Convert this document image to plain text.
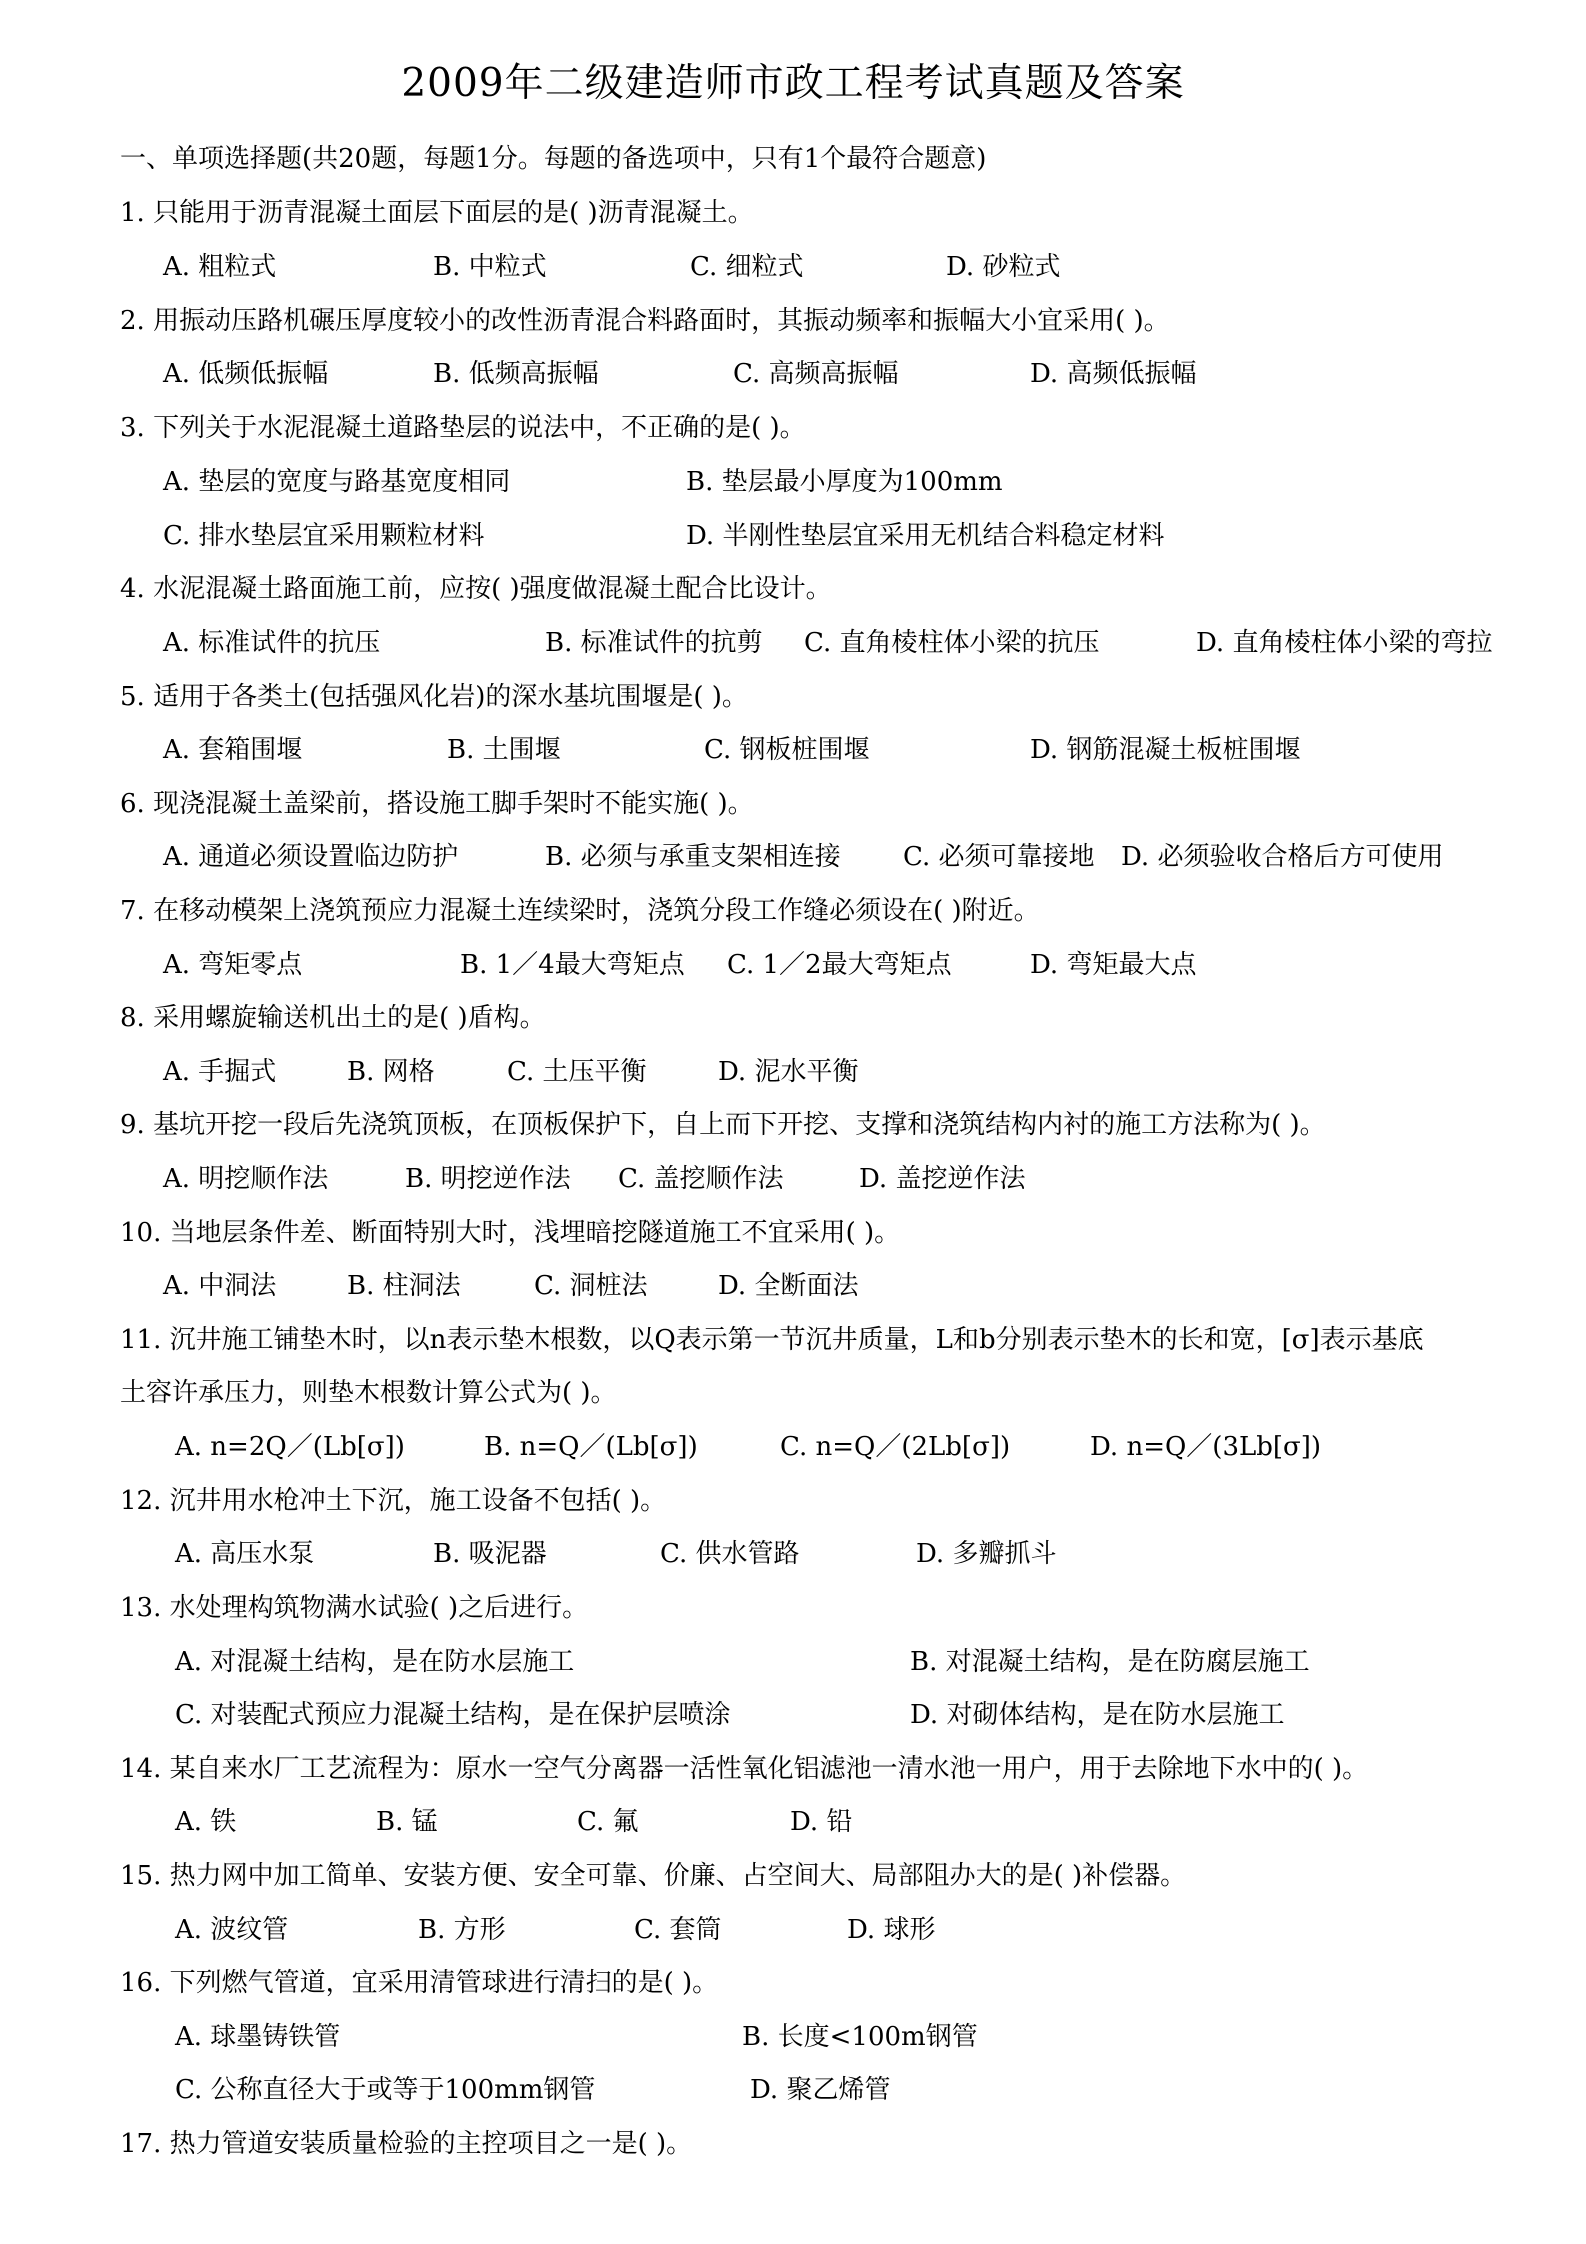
2009年二级建造师市政工程考试真题及答案
一、单项选择题(共20题，每题1分。每题的备选项中，只有1个最符合题意)
1. 只能用于沥青混凝土面层下面层的是( )沥青混凝土。
A. 粗粒式	B. 中粒式	C. 细粒式	D. 砂粒式
2. 用振动压路机碾压厚度较小的改性沥青混合料路面时，其振动频率和振幅大小宜采用( )。
A. 低频低振幅	B. 低频高振幅	C. 高频高振幅	D. 高频低振幅
3. 下列关于水泥混凝土道路垫层的说法中，不正确的是( )。
A. 垫层的宽度与路基宽度相同	B. 垫层最小厚度为100mm
C. 排水垫层宜采用颗粒材料	D. 半刚性垫层宜采用无机结合料稳定材料
4. 水泥混凝土路面施工前，应按( )强度做混凝土配合比设计。
A. 标准试件的抗压	B. 标准试件的抗剪 C. 直角棱柱体小梁的抗压	D. 直角棱柱体小梁的弯拉
5. 适用于各类土(包括强风化岩)的深水基坑围堰是( )。
A. 套箱围堰	B. 土围堰	C. 钢板桩围堰	D. 钢筋混凝土板桩围堰
6. 现浇混凝土盖梁前，搭设施工脚手架时不能实施( )。
A. 通道必须设置临边防护	B. 必须与承重支架相连接 C. 必须可靠接地 D. 必须验收合格后方可使用
7. 在移动模架上浇筑预应力混凝土连续梁时，浇筑分段工作缝必须设在( )附近。
A. 弯矩零点	B. 1／4最大弯矩点 C. 1／2最大弯矩点	D. 弯矩最大点
8. 采用螺旋输送机出土的是( )盾构。
A. 手掘式	B. 网格	C. 土压平衡	D. 泥水平衡
9. 基坑开挖一段后先浇筑顶板，在顶板保护下，自上而下开挖、支撑和浇筑结构内衬的施工方法称为( )。
A. 明挖顺作法	B. 明挖逆作法 C. 盖挖顺作法	D. 盖挖逆作法
10. 当地层条件差、断面特别大时，浅埋暗挖隧道施工不宜采用( )。
A. 中洞法	B. 柱洞法	C. 洞桩法	D. 全断面法
11. 沉井施工铺垫木时，以n表示垫木根数，以Q表示第一节沉井质量，L和b分别表示垫木的长和宽，[σ]表示基底
土容许承压力，则垫木根数计算公式为( )。
A. n=2Q／(Lb[σ])	B. n=Q／(Lb[σ])	C. n=Q／(2Lb[σ])	D. n=Q／(3Lb[σ])
12. 沉井用水枪冲土下沉，施工设备不包括( )。
A. 高压水泵	B. 吸泥器	C. 供水管路	D. 多瓣抓斗
13. 水处理构筑物满水试验( )之后进行。
A. 对混凝土结构，是在防水层施工	B. 对混凝土结构，是在防腐层施工
C. 对装配式预应力混凝土结构，是在保护层喷涂	D. 对砌体结构，是在防水层施工
14. 某自来水厂工艺流程为：原水一空气分离器一活性氧化铝滤池一清水池一用户，用于去除地下水中的( )。
A. 铁	B. 锰	C. 氟	D. 铅
15. 热力网中加工简单、安装方便、安全可靠、价廉、占空间大、局部阻办大的是( )补偿器。
A. 波纹管	B. 方形	C. 套筒	D. 球形
16. 下列燃气管道，宜采用清管球进行清扫的是( )。
A. 球墨铸铁管	B. 长度<100m钢管
C. 公称直径大于或等于100mm钢管	D. 聚乙烯管
17. 热力管道安装质量检验的主控项目之一是( )。
